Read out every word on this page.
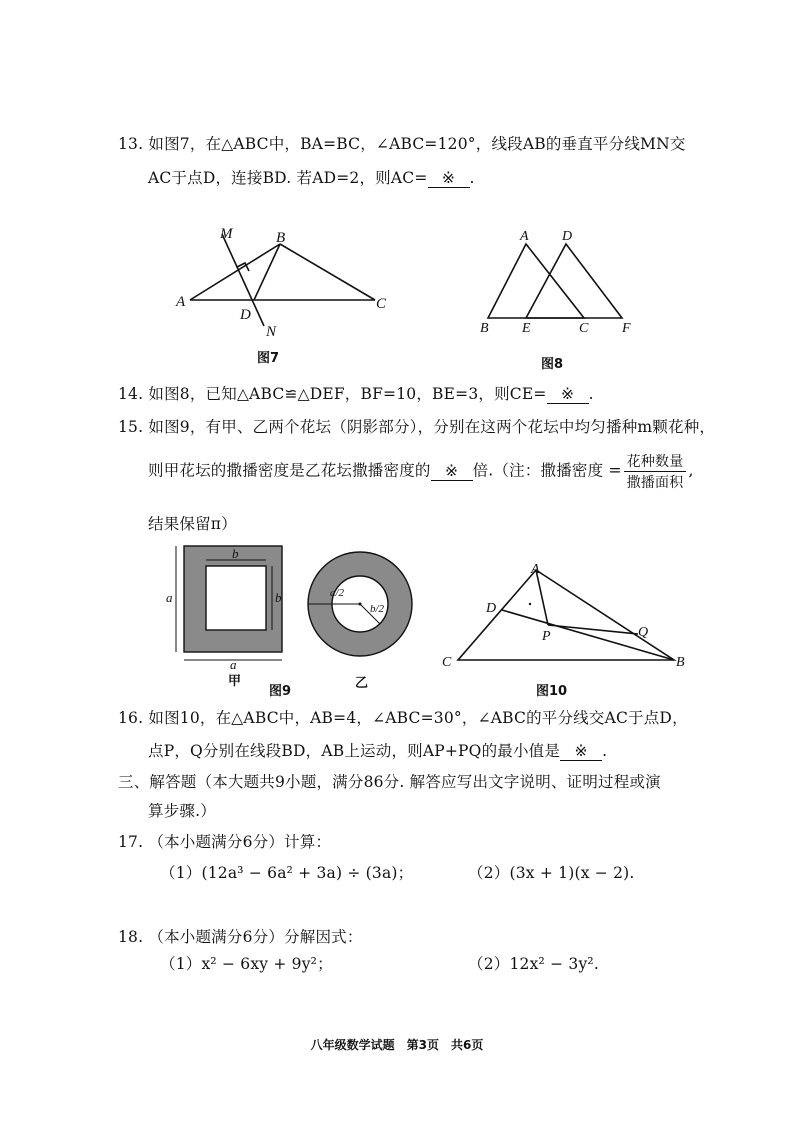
13. 如图7，在△ABC中，BA=BC，∠ABC=120°，线段AB的垂直平分线MN交
AC于点D，连接BD. 若AD=2，则AC= ※ .
M	B
A
D
N
C
图7
A D
B E	C F
图8
14. 如图8，已知△ABC≌△DEF，BF=10，BE=3，则CE= ※ .
15. 如图9，有甲、乙两个花坛（阴影部分），分别在这两个花坛中均匀播种m颗花种，
则甲花坛的撒播密度是乙花坛撒播密度的 ※ 倍.（注：撒播密度 = $\frac{\text{花种数量}}{\text{撒播面积}}$ ,
结果保留π）
b
a	b
a
甲
图9
a/2
b/2
乙
A
D
P	Q
C	B
图10
16. 如图10，在△ABC中，AB=4，∠ABC=30°，∠ABC的平分线交AC于点D，
点P，Q分别在线段BD，AB上运动，则AP+PQ的最小值是 ※ .
三、解答题（本大题共9小题，满分86分. 解答应写出文字说明、证明过程或演
算步骤.）
17. （本小题满分6分）计算：
（1）(12a³ − 6a² + 3a) ÷ (3a)；	（2）(3x + 1)(x − 2).
18. （本小题满分6分）分解因式：
（1）x² − 6xy + 9y²；	（2）12x² − 3y².
八年级数学试题　第3页　共6页
